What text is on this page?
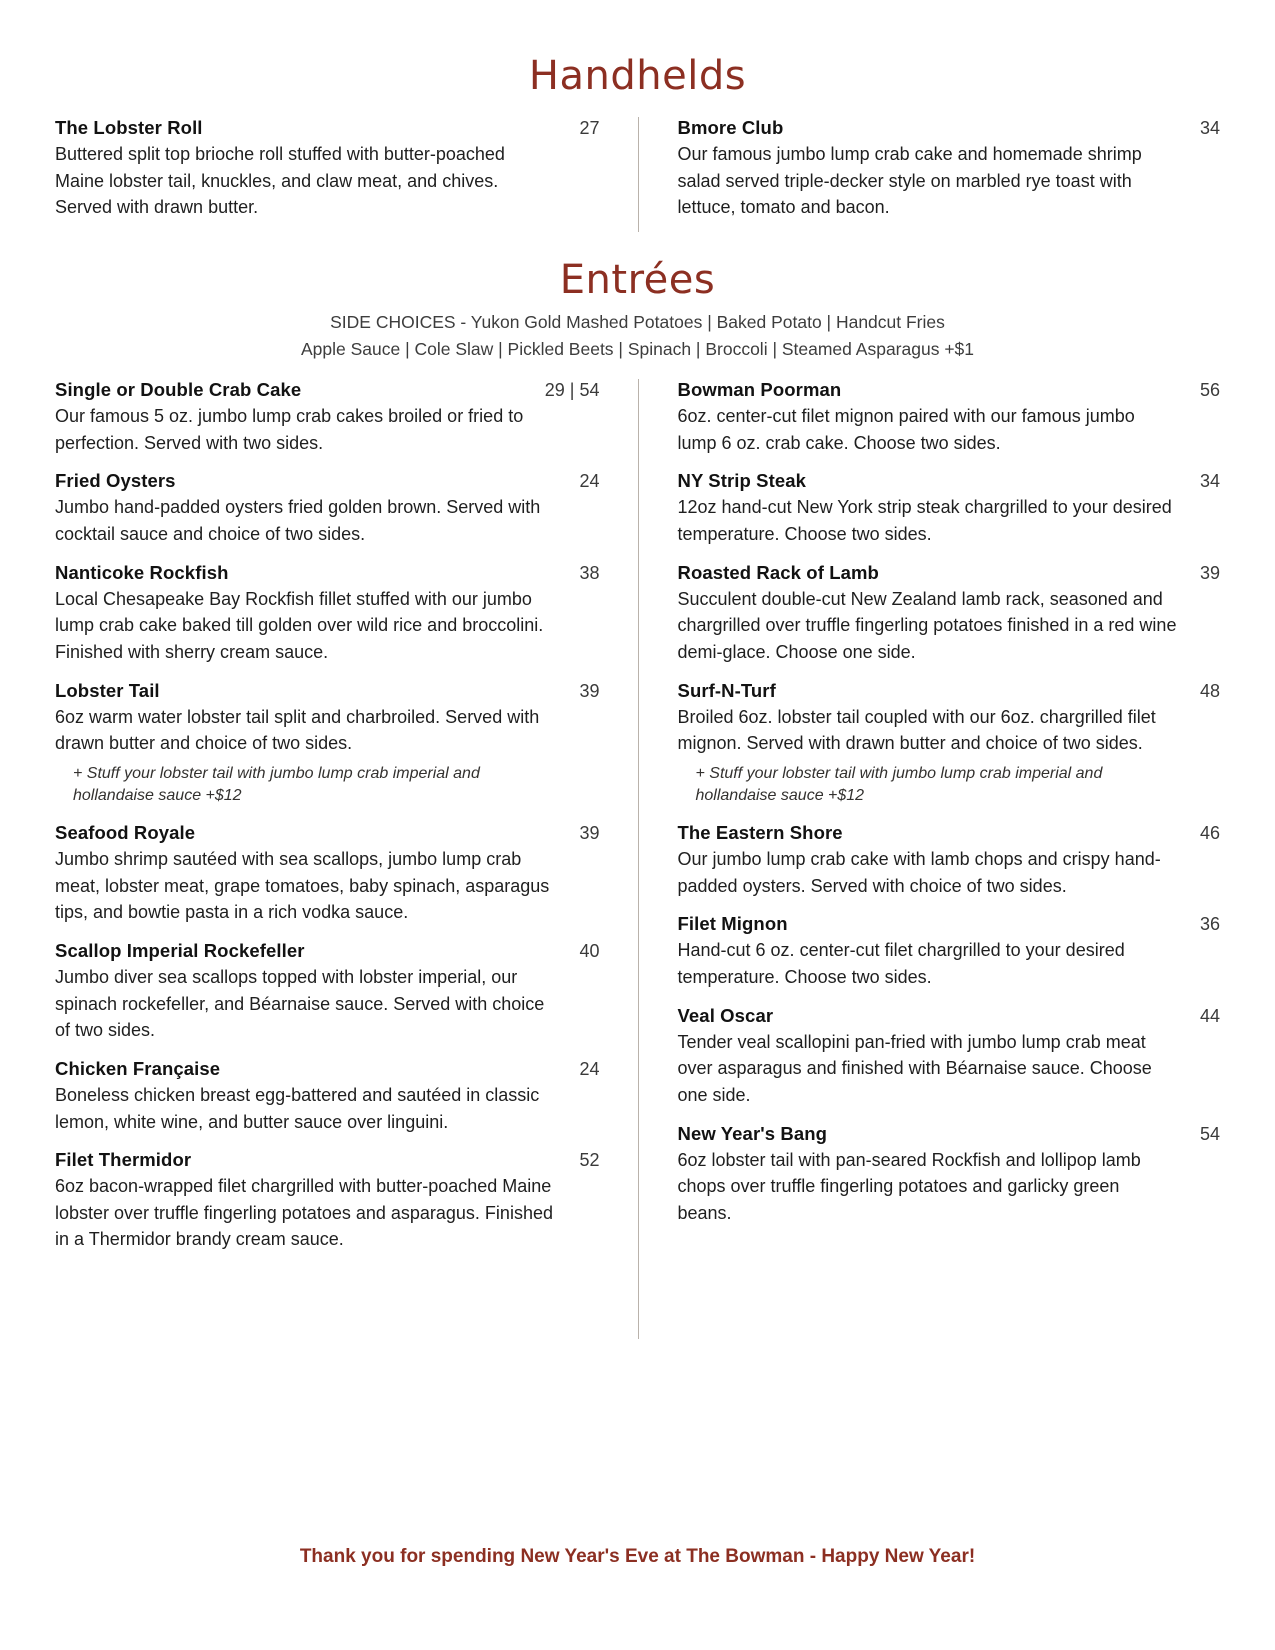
Handhelds
The Lobster Roll	27
Buttered split top brioche roll stuffed with butter-poached Maine lobster tail, knuckles, and claw meat, and chives. Served with drawn butter.
Bmore Club	34
Our famous jumbo lump crab cake and homemade shrimp salad served triple-decker style on marbled rye toast with lettuce, tomato and bacon.
Entrées
SIDE CHOICES - Yukon Gold Mashed Potatoes | Baked Potato | Handcut Fries
Apple Sauce | Cole Slaw | Pickled Beets | Spinach | Broccoli | Steamed Asparagus +$1
Single or Double Crab Cake	29 | 54
Our famous 5 oz. jumbo lump crab cakes broiled or fried to perfection. Served with two sides.
Fried Oysters	24
Jumbo hand-padded oysters fried golden brown. Served with cocktail sauce and choice of two sides.
Nanticoke Rockfish	38
Local Chesapeake Bay Rockfish fillet stuffed with our jumbo lump crab cake baked till golden over wild rice and broccolini. Finished with sherry cream sauce.
Lobster Tail	39
6oz warm water lobster tail split and charbroiled. Served with drawn butter and choice of two sides.
+ Stuff your lobster tail with jumbo lump crab imperial and hollandaise sauce +$12
Seafood Royale	39
Jumbo shrimp sautéed with sea scallops, jumbo lump crab meat, lobster meat, grape tomatoes, baby spinach, asparagus tips, and bowtie pasta in a rich vodka sauce.
Scallop Imperial Rockefeller	40
Jumbo diver sea scallops topped with lobster imperial, our spinach rockefeller, and Béarnaise sauce. Served with choice of two sides.
Chicken Française	24
Boneless chicken breast egg-battered and sautéed in classic lemon, white wine, and butter sauce over linguini.
Filet Thermidor	52
6oz bacon-wrapped filet chargrilled with butter-poached Maine lobster over truffle fingerling potatoes and asparagus. Finished in a Thermidor brandy cream sauce.
Bowman Poorman	56
6oz. center-cut filet mignon paired with our famous jumbo lump 6 oz. crab cake. Choose two sides.
NY Strip Steak	34
12oz hand-cut New York strip steak chargrilled to your desired temperature. Choose two sides.
Roasted Rack of Lamb	39
Succulent double-cut New Zealand lamb rack, seasoned and chargrilled over truffle fingerling potatoes finished in a red wine demi-glace. Choose one side.
Surf-N-Turf	48
Broiled 6oz. lobster tail coupled with our 6oz. chargrilled filet mignon. Served with drawn butter and choice of two sides.
+ Stuff your lobster tail with jumbo lump crab imperial and hollandaise sauce +$12
The Eastern Shore	46
Our jumbo lump crab cake with lamb chops and crispy hand-padded oysters. Served with choice of two sides.
Filet Mignon	36
Hand-cut 6 oz. center-cut filet chargrilled to your desired temperature. Choose two sides.
Veal Oscar	44
Tender veal scallopini pan-fried with jumbo lump crab meat over asparagus and finished with Béarnaise sauce. Choose one side.
New Year's Bang	54
6oz lobster tail with pan-seared Rockfish and lollipop lamb chops over truffle fingerling potatoes and garlicky green beans.
Thank you for spending New Year's Eve at The Bowman - Happy New Year!
